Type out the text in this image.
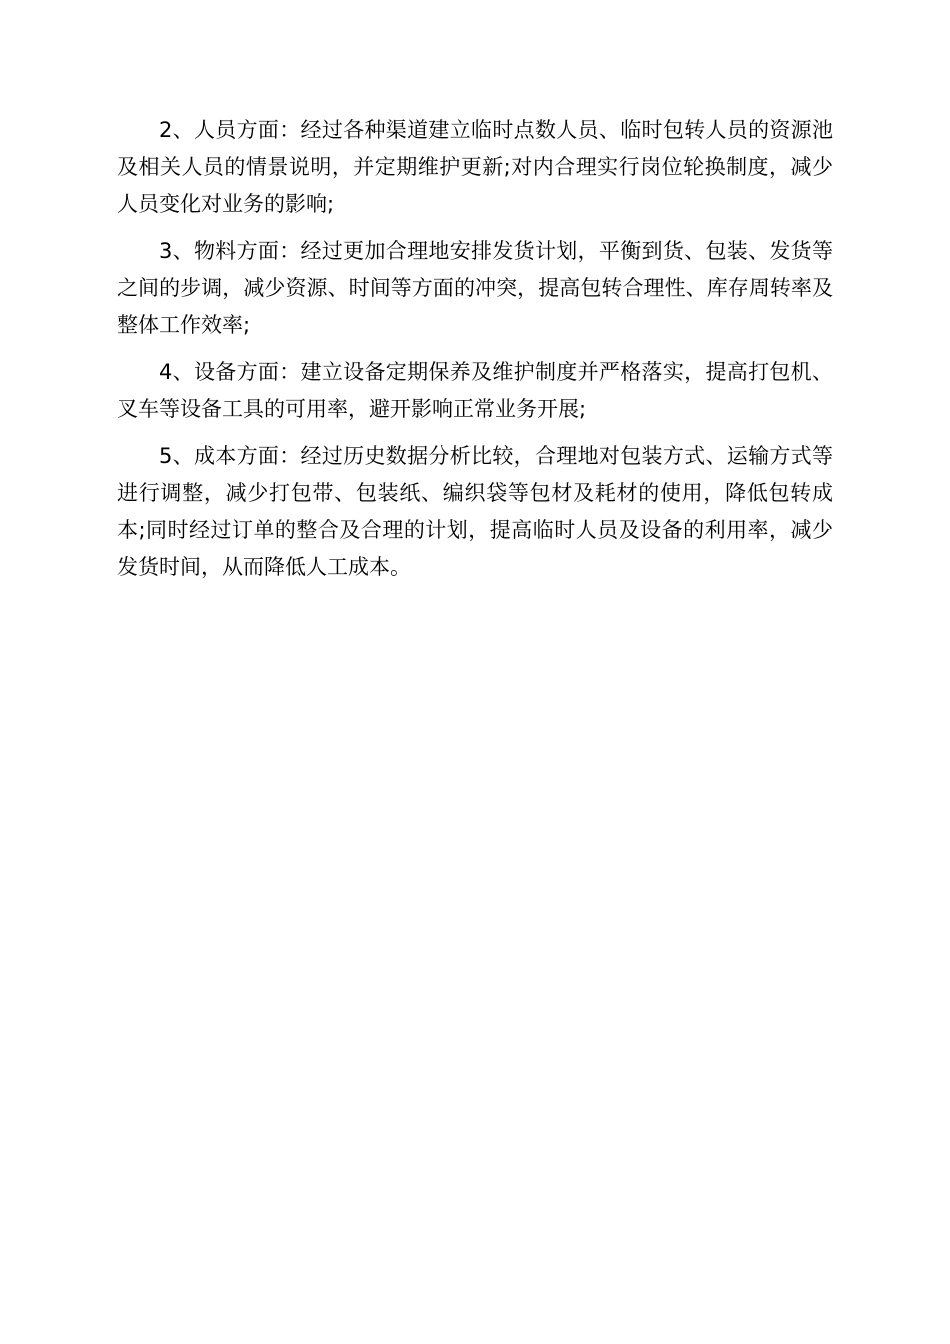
2、人员方面：经过各种渠道建立临时点数人员、临时包转人员的资源池及相关人员的情景说明，并定期维护更新;对内合理实行岗位轮换制度，减少人员变化对业务的影响;

3、物料方面：经过更加合理地安排发货计划，平衡到货、包装、发货等之间的步调，减少资源、时间等方面的冲突，提高包转合理性、库存周转率及整体工作效率;

4、设备方面：建立设备定期保养及维护制度并严格落实，提高打包机、叉车等设备工具的可用率，避开影响正常业务开展;

5、成本方面：经过历史数据分析比较，合理地对包装方式、运输方式等进行调整，减少打包带、包装纸、编织袋等包材及耗材的使用，降低包转成本;同时经过订单的整合及合理的计划，提高临时人员及设备的利用率，减少发货时间，从而降低人工成本。
